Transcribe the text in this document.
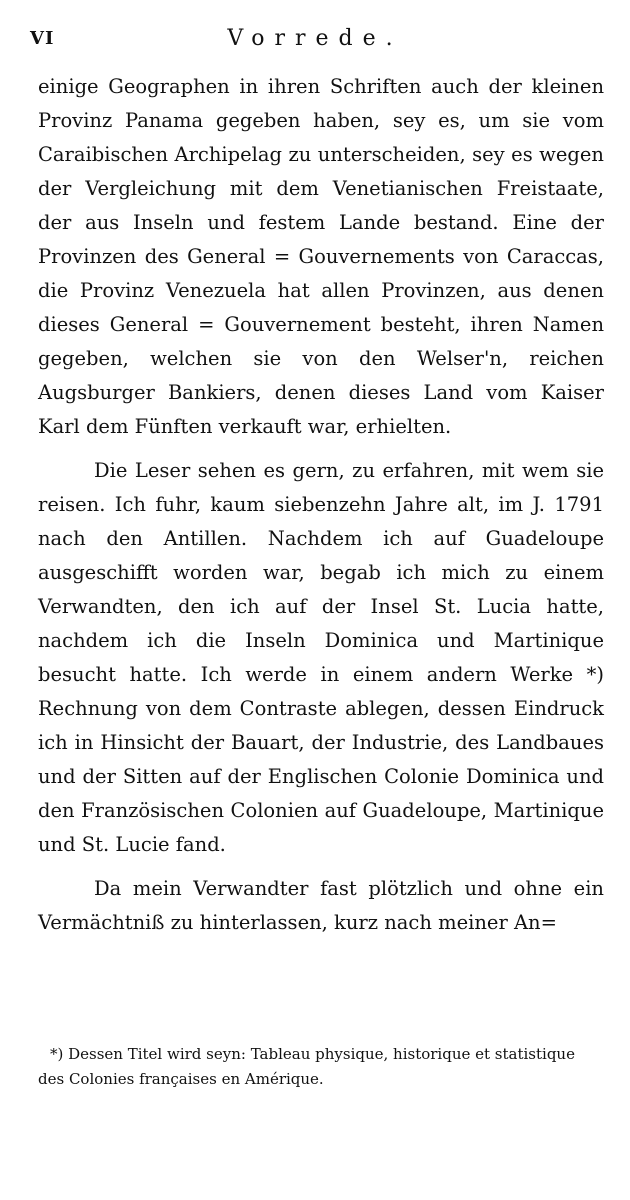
VI	Vorrede.

einige Geographen in ihren Schriften auch der kleinen Provinz Panama gegeben haben, sey es, um sie vom Caraibischen Archipelag zu unterscheiden, sey es wegen der Vergleichung mit dem Venetianischen Freistaate, der aus Inseln und festem Lande bestand. Eine der Provinzen des General = Gouvernements von Caraccas, die Provinz Venezuela hat allen Provinzen, aus denen dieses General = Gouvernement besteht, ihren Namen gegeben, welchen sie von den Welser'n, reichen Augsburger Bankiers, denen dieses Land vom Kaiser Karl dem Fünften verkauft war, erhielten.

Die Leser sehen es gern, zu erfahren, mit wem sie reisen. Ich fuhr, kaum siebenzehn Jahre alt, im J. 1791 nach den Antillen. Nachdem ich auf Guadeloupe ausgeschifft worden war, begab ich mich zu einem Verwandten, den ich auf der Insel St. Lucia hatte, nachdem ich die Inseln Dominica und Martinique besucht hatte. Ich werde in einem andern Werke *) Rechnung von dem Contraste ablegen, dessen Eindruck ich in Hinsicht der Bauart, der Industrie, des Landbaues und der Sitten auf der Englischen Colonie Dominica und den Französischen Colonien auf Guadeloupe, Martinique und St. Lucie fand.

Da mein Verwandter fast plötzlich und ohne ein Vermächtniß zu hinterlassen, kurz nach meiner An=

*) Dessen Titel wird seyn: Tableau physique, historique et statistique des Colonies françaises en Amérique.
